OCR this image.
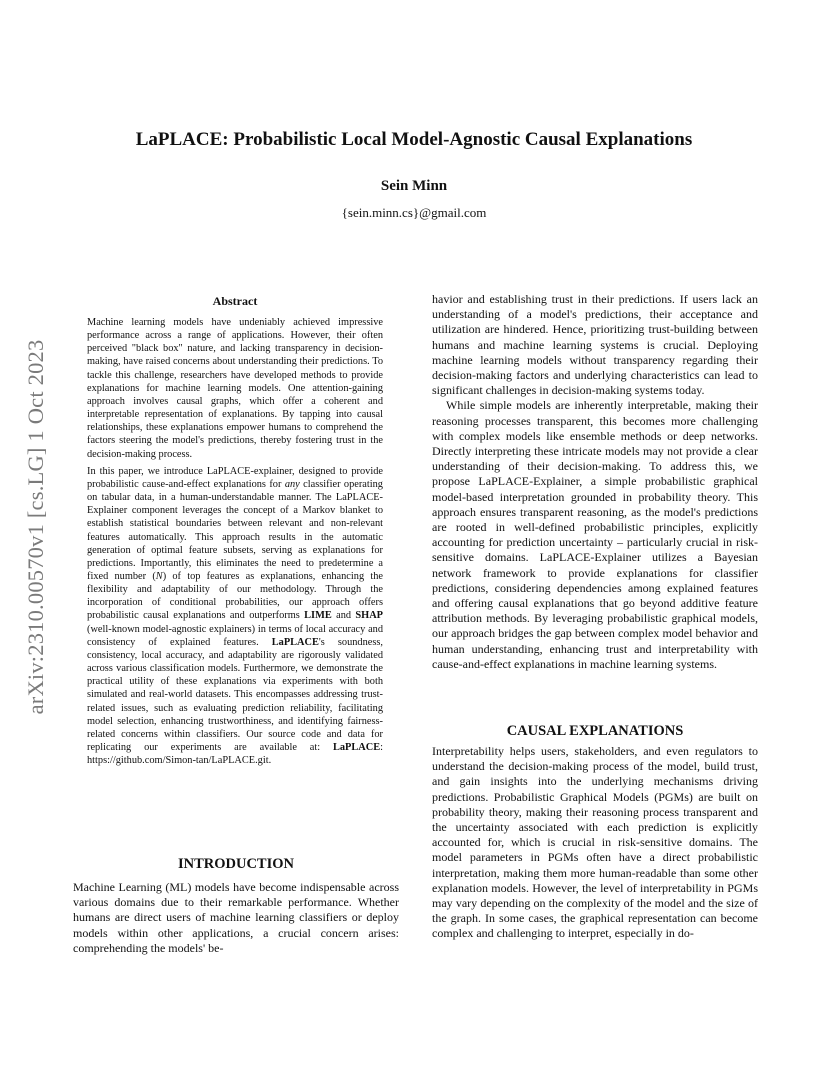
arXiv:2310.00570v1 [cs.LG] 1 Oct 2023
LaPLACE: Probabilistic Local Model-Agnostic Causal Explanations
Sein Minn
{sein.minn.cs}@gmail.com
Abstract

Machine learning models have undeniably achieved impressive performance across a range of applications. However, their often perceived "black box" nature, and lacking transparency in decision-making, have raised concerns about understanding their predictions. To tackle this challenge, researchers have developed methods to provide explanations for machine learning models. One attention-gaining approach involves causal graphs, which offer a coherent and interpretable representation of explanations. By tapping into causal relationships, these explanations empower humans to comprehend the factors steering the model's predictions, thereby fostering trust in the decision-making process.

In this paper, we introduce LaPLACE-explainer, designed to provide probabilistic cause-and-effect explanations for any classifier operating on tabular data, in a human-understandable manner. The LaPLACE-Explainer component leverages the concept of a Markov blanket to establish statistical boundaries between relevant and non-relevant features automatically. This approach results in the automatic generation of optimal feature subsets, serving as explanations for predictions. Importantly, this eliminates the need to predetermine a fixed number (N) of top features as explanations, enhancing the flexibility and adaptability of our methodology. Through the incorporation of conditional probabilities, our approach offers probabilistic causal explanations and outperforms LIME and SHAP (well-known model-agnostic explainers) in terms of local accuracy and consistency of explained features. LaPLACE's soundness, consistency, local accuracy, and adaptability are rigorously validated across various classification models. Furthermore, we demonstrate the practical utility of these explanations via experiments with both simulated and real-world datasets. This encompasses addressing trust-related issues, such as evaluating prediction reliability, facilitating model selection, enhancing trustworthiness, and identifying fairness-related concerns within classifiers. Our source code and data for replicating our experiments are available at: LaPLACE: https://github.com/Simon-tan/LaPLACE.git.

INTRODUCTION

Machine Learning (ML) models have become indispensable across various domains due to their remarkable performance. Whether humans are direct users of machine learning classifiers or deploy models within other applications, a crucial concern arises: comprehending the models' be-

havior and establishing trust in their predictions. If users lack an understanding of a model's predictions, their acceptance and utilization are hindered. Hence, prioritizing trust-building between humans and machine learning systems is crucial. Deploying machine learning models without transparency regarding their decision-making factors and underlying characteristics can lead to significant challenges in decision-making systems today.

While simple models are inherently interpretable, making their reasoning processes transparent, this becomes more challenging with complex models like ensemble methods or deep networks. Directly interpreting these intricate models may not provide a clear understanding of their decision-making. To address this, we propose LaPLACE-Explainer, a simple probabilistic graphical model-based interpretation grounded in probability theory. This approach ensures transparent reasoning, as the model's predictions are rooted in well-defined probabilistic principles, explicitly accounting for prediction uncertainty – particularly crucial in risk-sensitive domains. LaPLACE-Explainer utilizes a Bayesian network framework to provide explanations for classifier predictions, considering dependencies among explained features and offering causal explanations that go beyond additive feature attribution methods. By leveraging probabilistic graphical models, our approach bridges the gap between complex model behavior and human understanding, enhancing trust and interpretability with cause-and-effect explanations in machine learning systems.

CAUSAL EXPLANATIONS

Interpretability helps users, stakeholders, and even regulators to understand the decision-making process of the model, build trust, and gain insights into the underlying mechanisms driving predictions. Probabilistic Graphical Models (PGMs) are built on probability theory, making their reasoning process transparent and the uncertainty associated with each prediction is explicitly accounted for, which is crucial in risk-sensitive domains. The model parameters in PGMs often have a direct probabilistic interpretation, making them more human-readable than some other explanation models. However, the level of interpretability in PGMs may vary depending on the complexity of the model and the size of the graph. In some cases, the graphical representation can become complex and challenging to interpret, especially in do-
